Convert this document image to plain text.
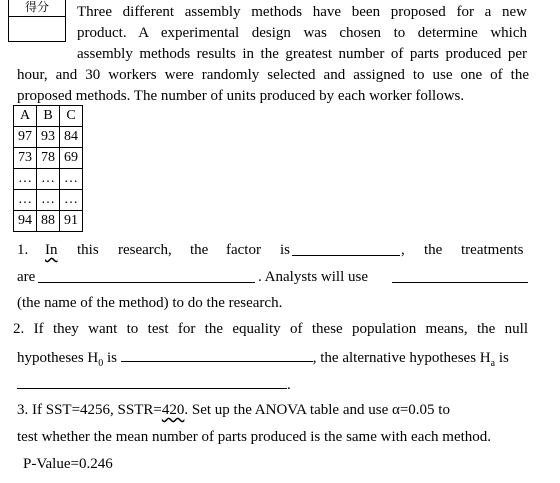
得分	Three different assembly methods have been proposed for a new
product. A experimental design was chosen to determine which
assembly methods results in the greatest number of parts produced per
hour, and 30 workers were randomly selected and assigned to use one of the
proposed methods. The number of units produced by each worker follows.
A	B	C
97	93	84
73	78	69
…	…	…
…	…	…
94	88	91
1. In this research, the factor is	, the treatments
are	. Analysts will use
(the name of the method) to do the research.
2. If they want to test for the equality of these population means, the null
hypotheses $H_0$ is	, the alternative hypotheses $H_a$ is
.
3. If SST=4256, SSTR=420. Set up the ANOVA table and use α=0.05 to
test whether the mean number of parts produced is the same with each method.
P-Value=0.246
